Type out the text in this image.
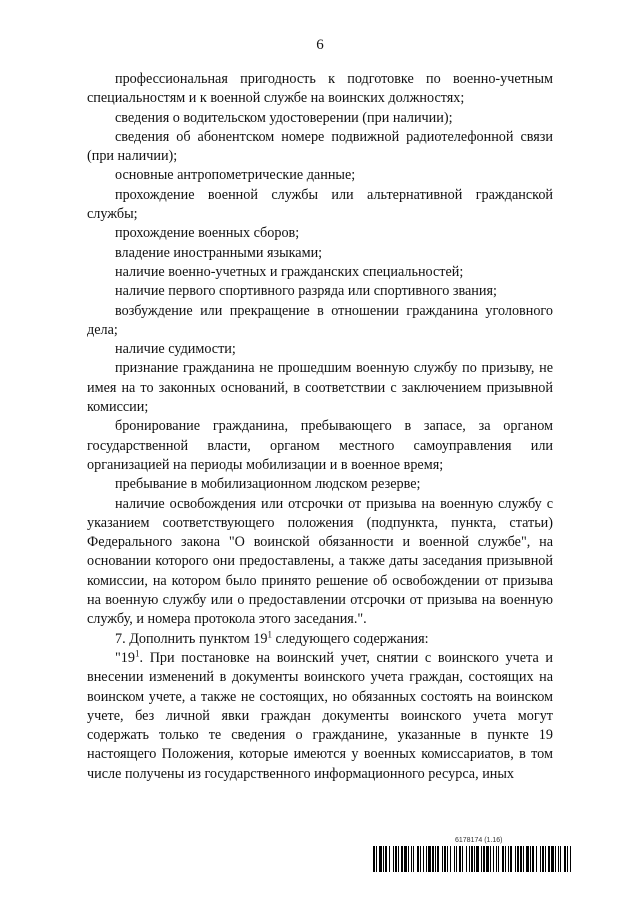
6

профессиональная пригодность к подготовке по военно-учетным специальностям и к военной службе на воинских должностях;

сведения о водительском удостоверении (при наличии);

сведения об абонентском номере подвижной радиотелефонной связи (при наличии);

основные антропометрические данные;

прохождение военной службы или альтернативной гражданской службы;

прохождение военных сборов;

владение иностранными языками;

наличие военно-учетных и гражданских специальностей;

наличие первого спортивного разряда или спортивного звания;

возбуждение или прекращение в отношении гражданина уголовного дела;

наличие судимости;

признание гражданина не прошедшим военную службу по призыву, не имея на то законных оснований, в соответствии с заключением призывной комиссии;

бронирование гражданина, пребывающего в запасе, за органом государственной власти, органом местного самоуправления или организацией на периоды мобилизации и в военное время;

пребывание в мобилизационном людском резерве;

наличие освобождения или отсрочки от призыва на военную службу с указанием соответствующего положения (подпункта, пункта, статьи) Федерального закона "О воинской обязанности и военной службе", на основании которого они предоставлены, а также даты заседания призывной комиссии, на котором было принято решение об освобождении от призыва на военную службу или о предоставлении отсрочки от призыва на военную службу, и номера протокола этого заседания.".

7. Дополнить пунктом $19^1$ следующего содержания:

"$19^1$. При постановке на воинский учет, снятии с воинского учета и внесении изменений в документы воинского учета граждан, состоящих на воинском учете, а также не состоящих, но обязанных состоять на воинском учете, без личной явки граждан документы воинского учета могут содержать только те сведения о гражданине, указанные в пункте 19 настоящего Положения, которые имеются у военных комиссариатов, в том числе получены из государственного информационного ресурса, иных

6178174 (1.16)
